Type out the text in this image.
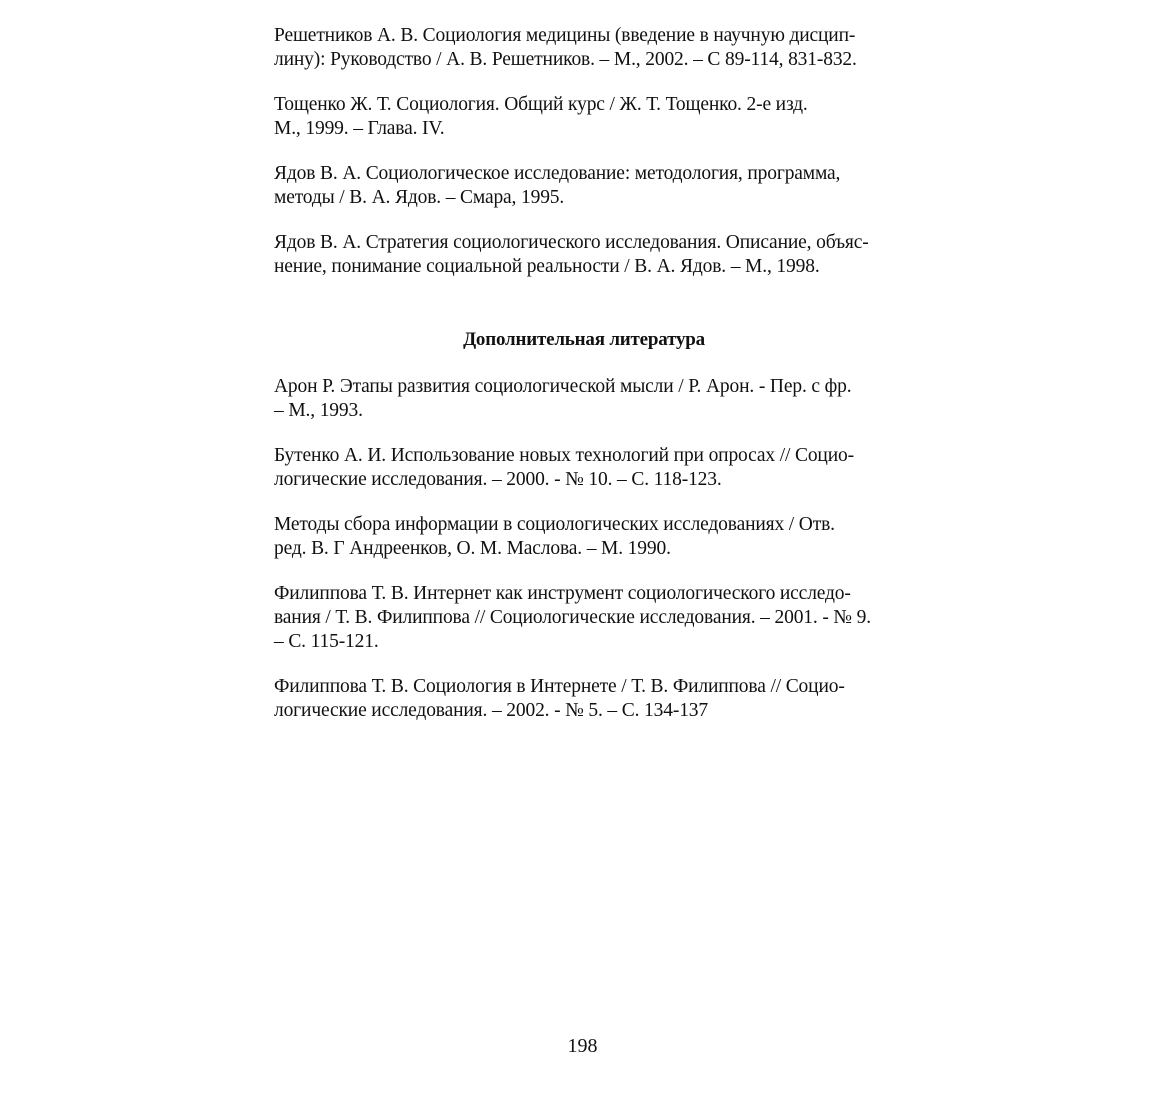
Решетников А. В. Социология медицины (введение в научную дисцип-
лину): Руководство / А. В. Решетников. – М., 2002. – С 89-114, 831-832.

Тощенко Ж. Т. Социология. Общий курс / Ж. Т. Тощенко. 2-е изд.
М., 1999. – Глава. IV.

Ядов В. А. Социологическое исследование: методология, программа,
методы / В. А. Ядов. – Смара, 1995.

Ядов В. А. Стратегия социологического исследования. Описание, объяс-
нение, понимание социальной реальности / В. А. Ядов. – М., 1998.

Дополнительная литература

Арон Р. Этапы развития социологической мысли / Р. Арон. - Пер. с фр.
– М., 1993.

Бутенко А. И. Использование новых технологий при опросах // Социо-
логические исследования. – 2000. - № 10. – С. 118-123.

Методы сбора информации в социологических исследованиях / Отв.
ред. В. Г Андреенков, О. М. Маслова. – М. 1990.

Филиппова Т. В. Интернет как инструмент социологического исследо-
вания / Т. В. Филиппова // Социологические исследования. – 2001. - № 9.
– С. 115-121.

Филиппова Т. В. Социология в Интернете / Т. В. Филиппова // Социо-
логические исследования. – 2002. - № 5. – С. 134-137

198
